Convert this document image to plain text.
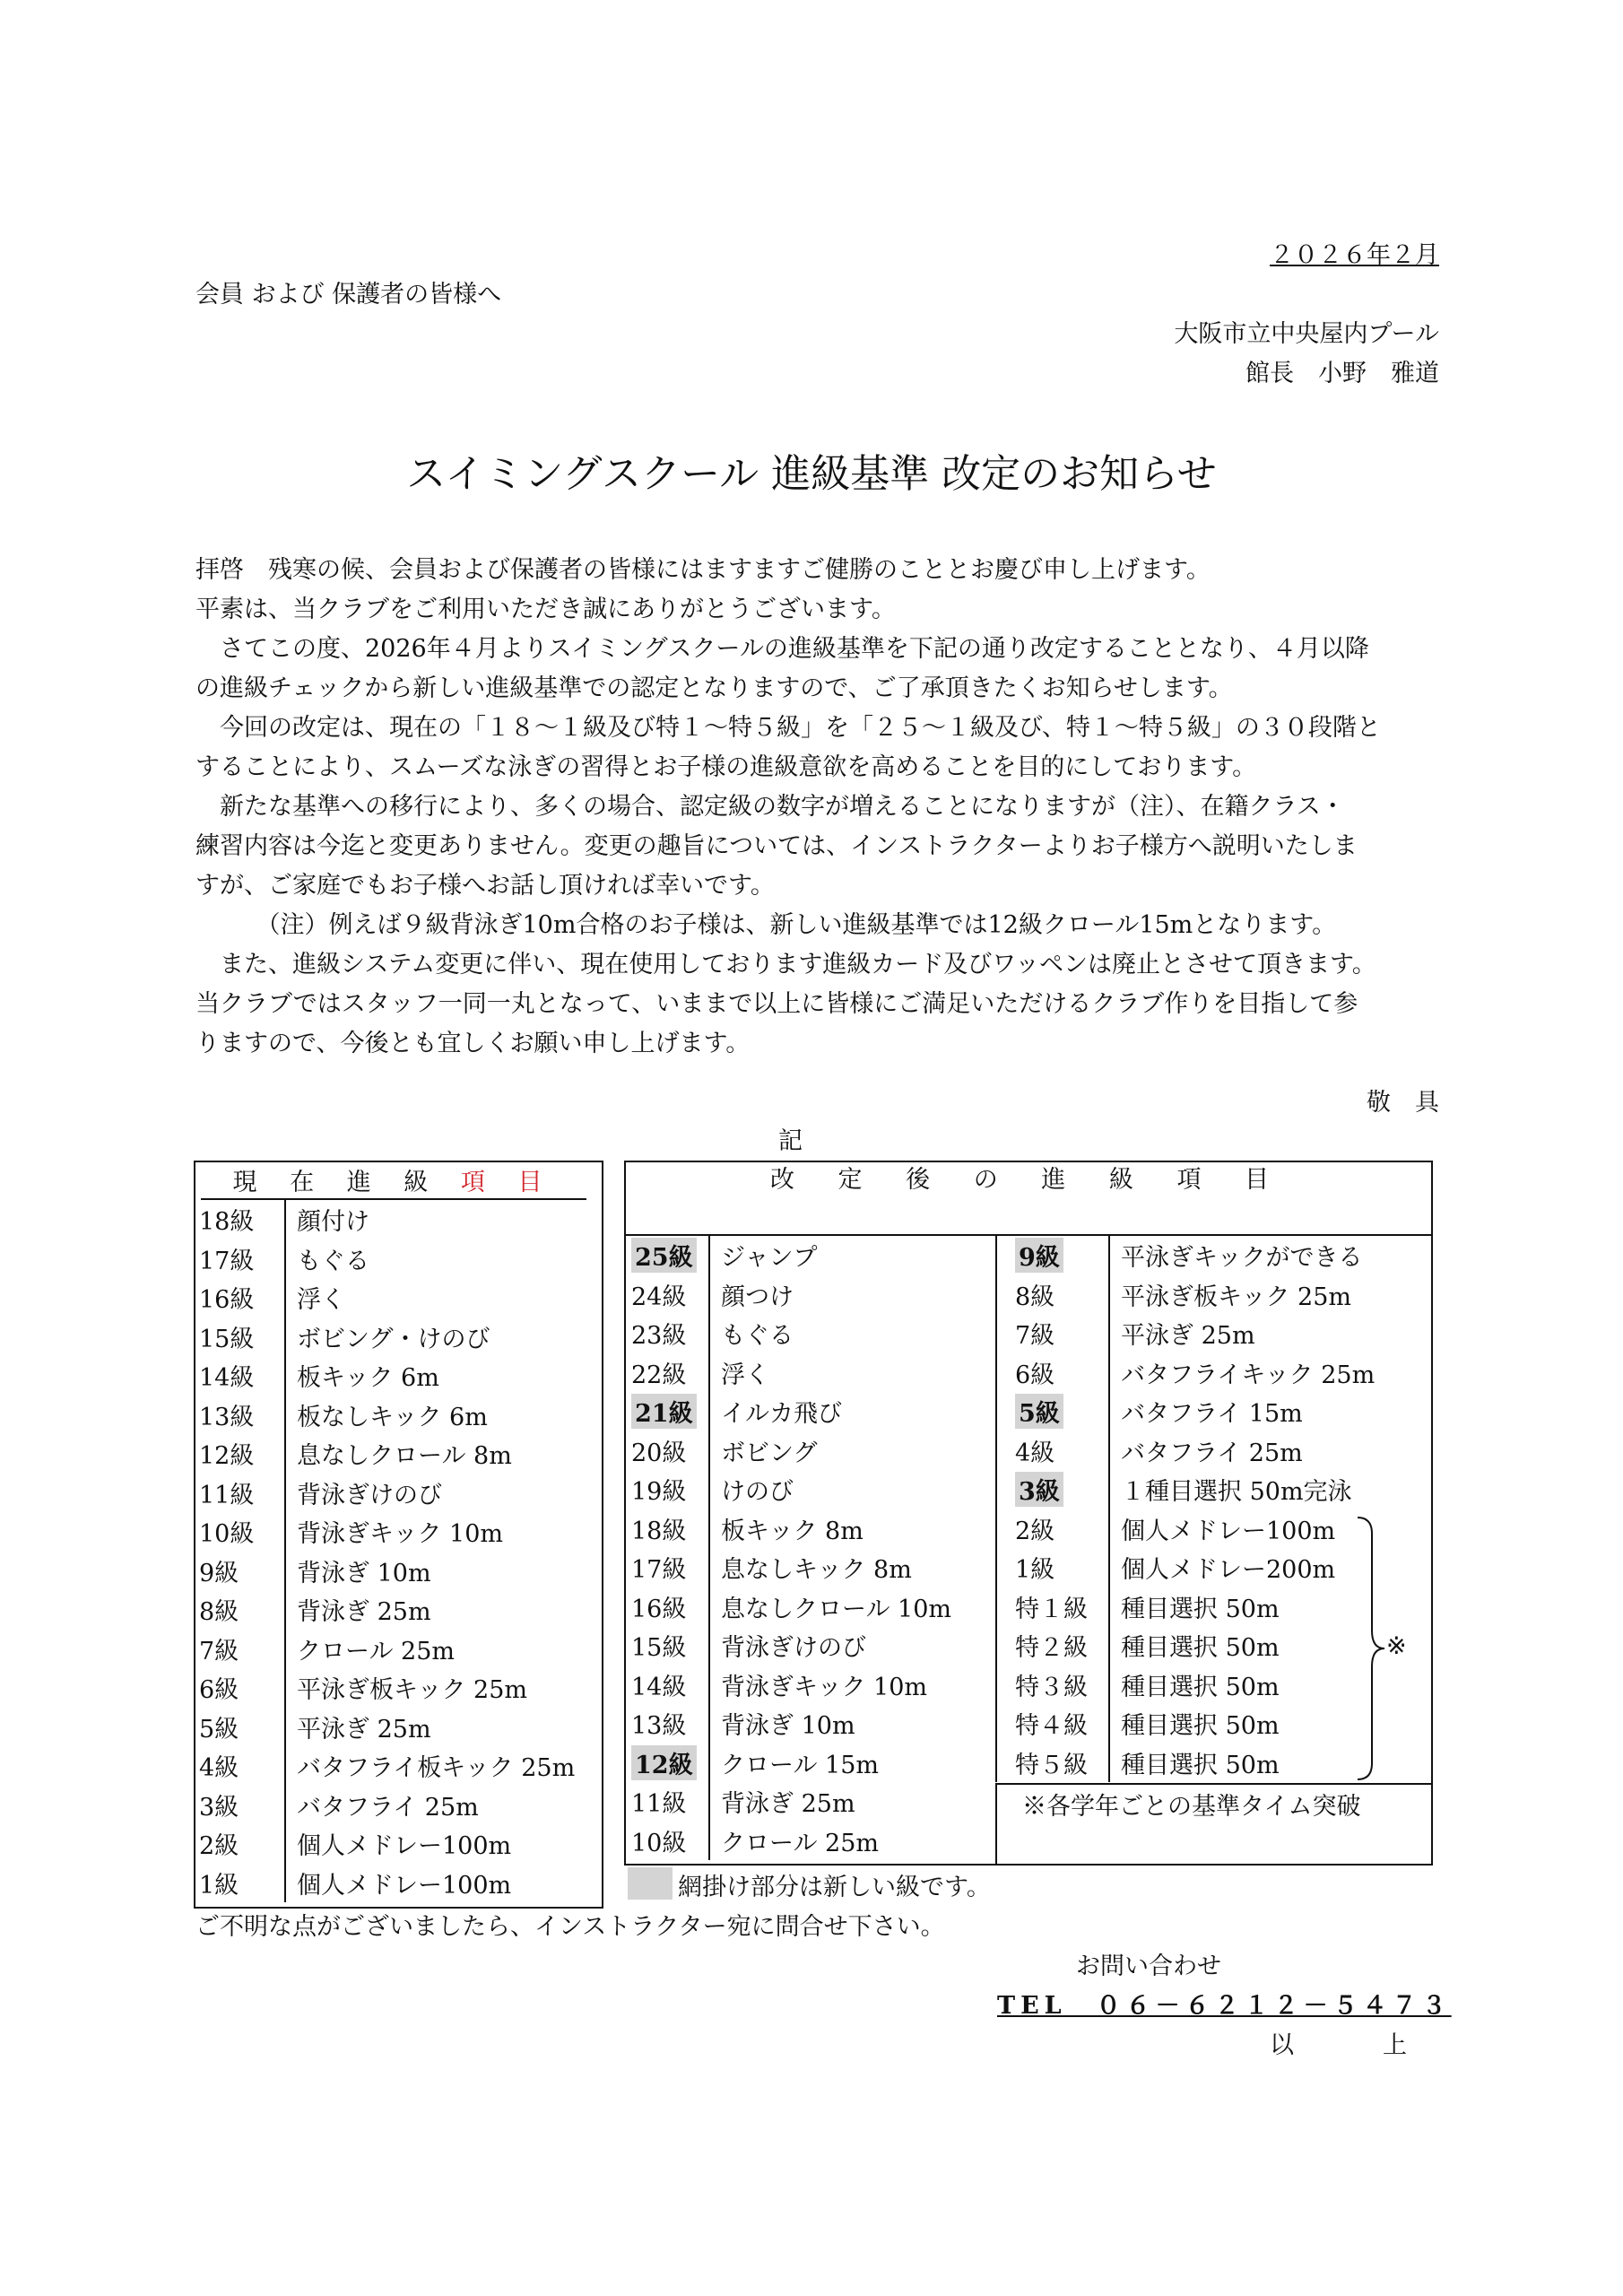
２０２６年２月
会員 および 保護者の皆様へ
大阪市立中央屋内プール
館長　小野　雅道
スイミングスクール 進級基準 改定のお知らせ
拝啓　残寒の候、会員および保護者の皆様にはますますご健勝のこととお慶び申し上げます。
平素は、当クラブをご利用いただき誠にありがとうございます。
　さてこの度、2026年４月よりスイミングスクールの進級基準を下記の通り改定することとなり、４月以降
の進級チェックから新しい進級基準での認定となりますので、ご了承頂きたくお知らせします。
　今回の改定は、現在の「１８～１級及び特１～特５級」を「２５～１級及び、特１～特５級」の３０段階と
することにより、スムーズな泳ぎの習得とお子様の進級意欲を高めることを目的にしております。
　新たな基準への移行により、多くの場合、認定級の数字が増えることになりますが（注）、在籍クラス・
練習内容は今迄と変更ありません。変更の趣旨については、インストラクターよりお子様方へ説明いたしま
すが、ご家庭でもお子様へお話し頂ければ幸いです。
　　　（注）例えば９級背泳ぎ10m合格のお子様は、新しい進級基準では12級クロール15mとなります。
　また、進級システム変更に伴い、現在使用しております進級カード及びワッペンは廃止とさせて頂きます。
当クラブではスタッフ一同一丸となって、いままで以上に皆様にご満足いただけるクラブ作りを目指して参
りますので、今後とも宜しくお願い申し上げます。
敬　具
記
現 在 進 級 項 目
18級	顔付け
17級	もぐる
16級	浮く
15級	ボビング・けのび
14級	板キック 6m
13級	板なしキック 6m
12級	息なしクロール 8m
11級	背泳ぎけのび
10級	背泳ぎキック 10m
9級	背泳ぎ 10m
8級	背泳ぎ 25m
7級	クロール 25m
6級	平泳ぎ板キック 25m
5級	平泳ぎ 25m
4級	バタフライ板キック 25m
3級	バタフライ 25m
2級	個人メドレー100m
1級	個人メドレー100m
改 定 後 の 進 級 項 目
25級	ジャンプ
24級	顔つけ
23級	もぐる
22級	浮く
21級	イルカ飛び
20級	ボビング
19級	けのび
18級	板キック 8m
17級	息なしキック 8m
16級	息なしクロール 10m
15級	背泳ぎけのび
14級	背泳ぎキック 10m
13級	背泳ぎ 10m
12級	クロール 15m
11級	背泳ぎ 25m
10級	クロール 25m
9級	平泳ぎキックができる
8級	平泳ぎ板キック 25m
7級	平泳ぎ 25m
6級	バタフライキック 25m
5級	バタフライ 15m
4級	バタフライ 25m
3級	１種目選択 50m完泳
2級	個人メドレー100m
1級	個人メドレー200m
特１級	種目選択 50m
特２級	種目選択 50m
特３級	種目選択 50m
特４級	種目選択 50m
特５級	種目選択 50m
※各学年ごとの基準タイム突破
※
網掛け部分は新しい級です。
ご不明な点がございましたら、インストラクター宛に問合せ下さい。
お問い合わせ
TEL　０６－６２１２－５４７３
以　上
